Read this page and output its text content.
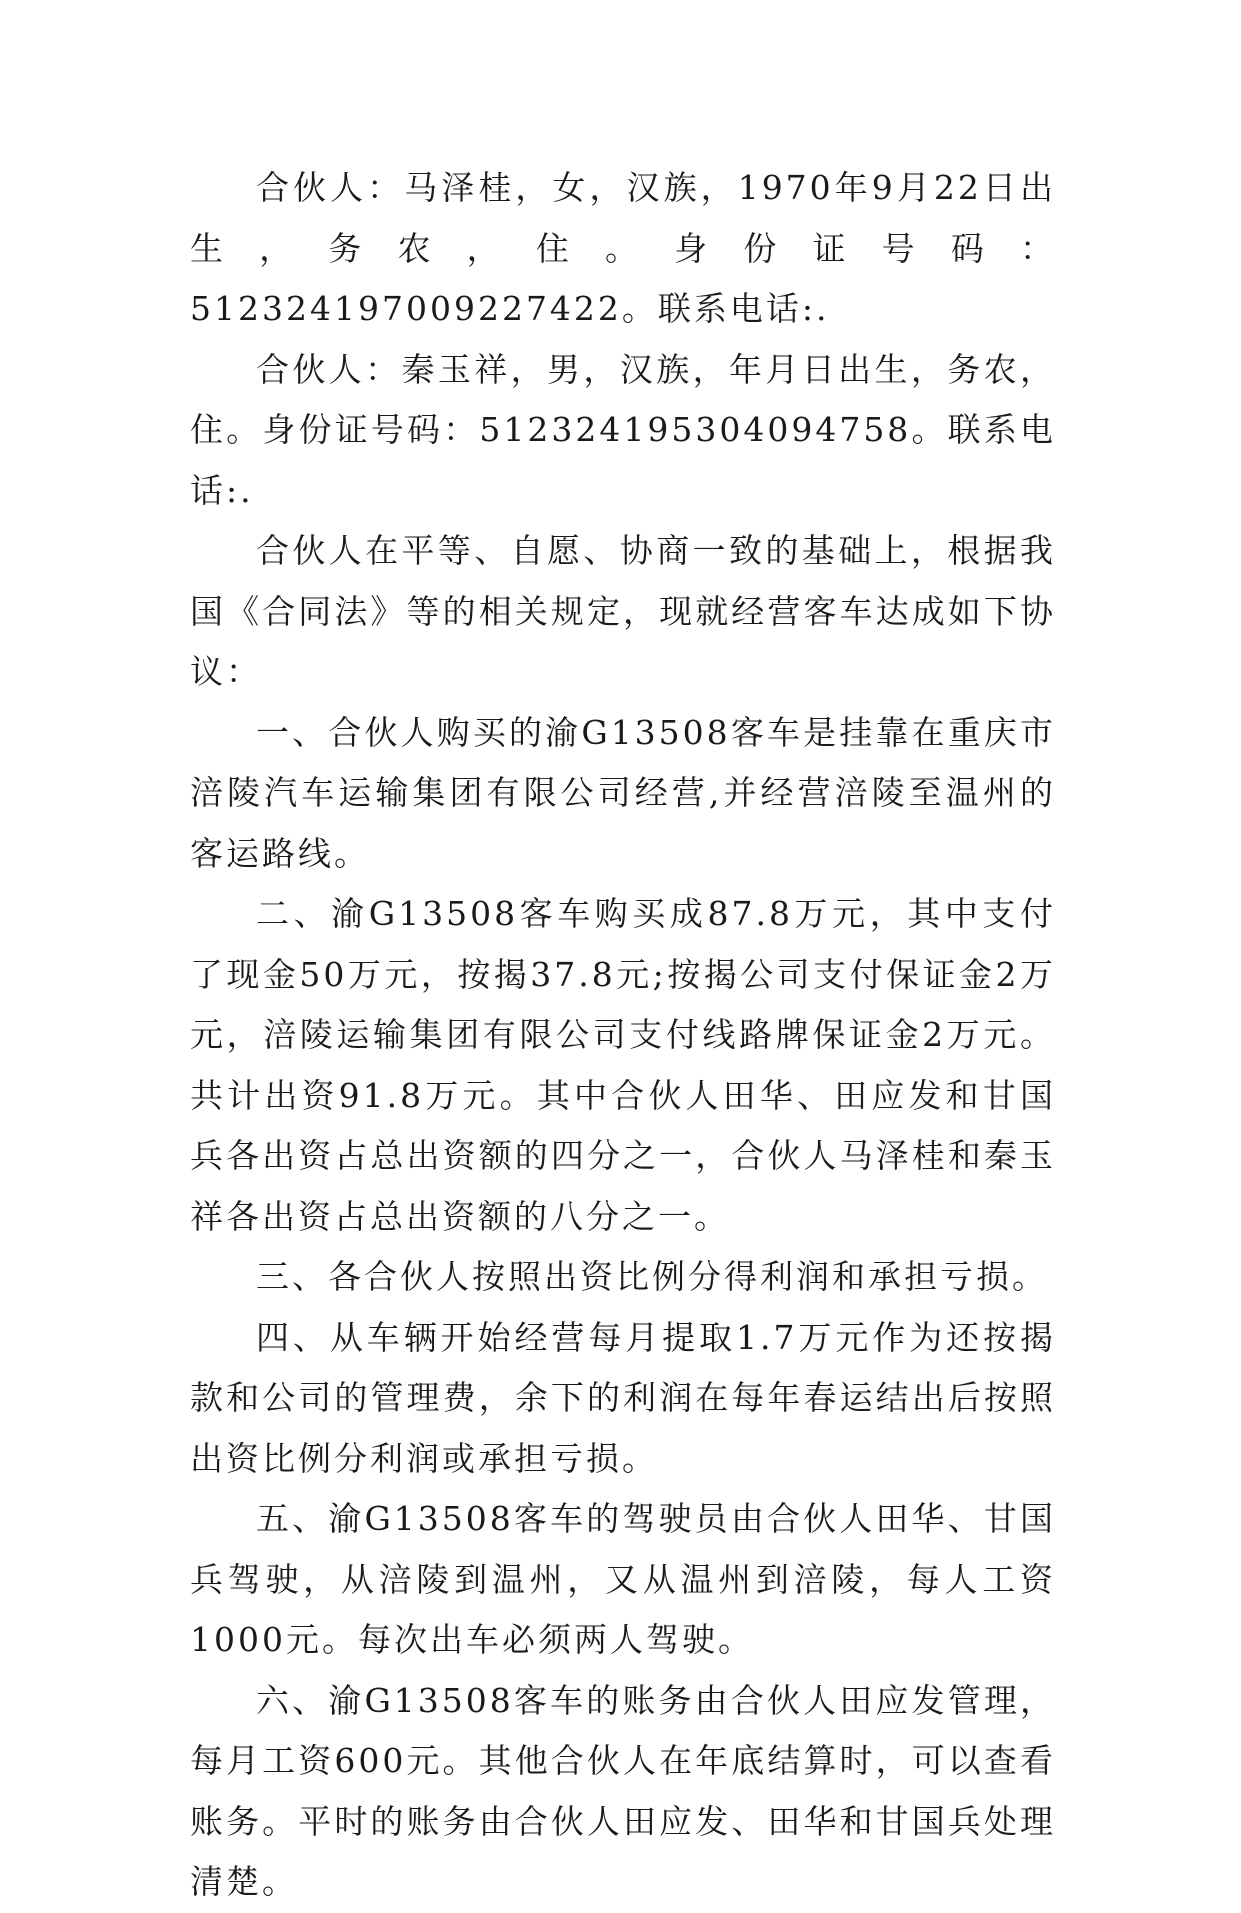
合伙人：马泽桂，女，汉族，1970年9月22日出生，务农，住。身份证号码：512324197009227422。联系电话:.

合伙人：秦玉祥，男，汉族，年月日出生，务农，住。身份证号码：512324195304094758。联系电话:.

合伙人在平等、自愿、协商一致的基础上，根据我国《合同法》等的相关规定，现就经营客车达成如下协议：

一、合伙人购买的渝G13508客车是挂靠在重庆市涪陵汽车运输集团有限公司经营,并经营涪陵至温州的客运路线。

二、渝G13508客车购买成87.8万元，其中支付了现金50万元，按揭37.8元;按揭公司支付保证金2万元，涪陵运输集团有限公司支付线路牌保证金2万元。共计出资91.8万元。其中合伙人田华、田应发和甘国兵各出资占总出资额的四分之一，合伙人马泽桂和秦玉祥各出资占总出资额的八分之一。

三、各合伙人按照出资比例分得利润和承担亏损。

四、从车辆开始经营每月提取1.7万元作为还按揭款和公司的管理费，余下的利润在每年春运结出后按照出资比例分利润或承担亏损。

五、渝G13508客车的驾驶员由合伙人田华、甘国兵驾驶，从涪陵到温州，又从温州到涪陵，每人工资1000元。每次出车必须两人驾驶。

六、渝G13508客车的账务由合伙人田应发管理，每月工资600元。其他合伙人在年底结算时，可以查看账务。平时的账务由合伙人田应发、田华和甘国兵处理清楚。
